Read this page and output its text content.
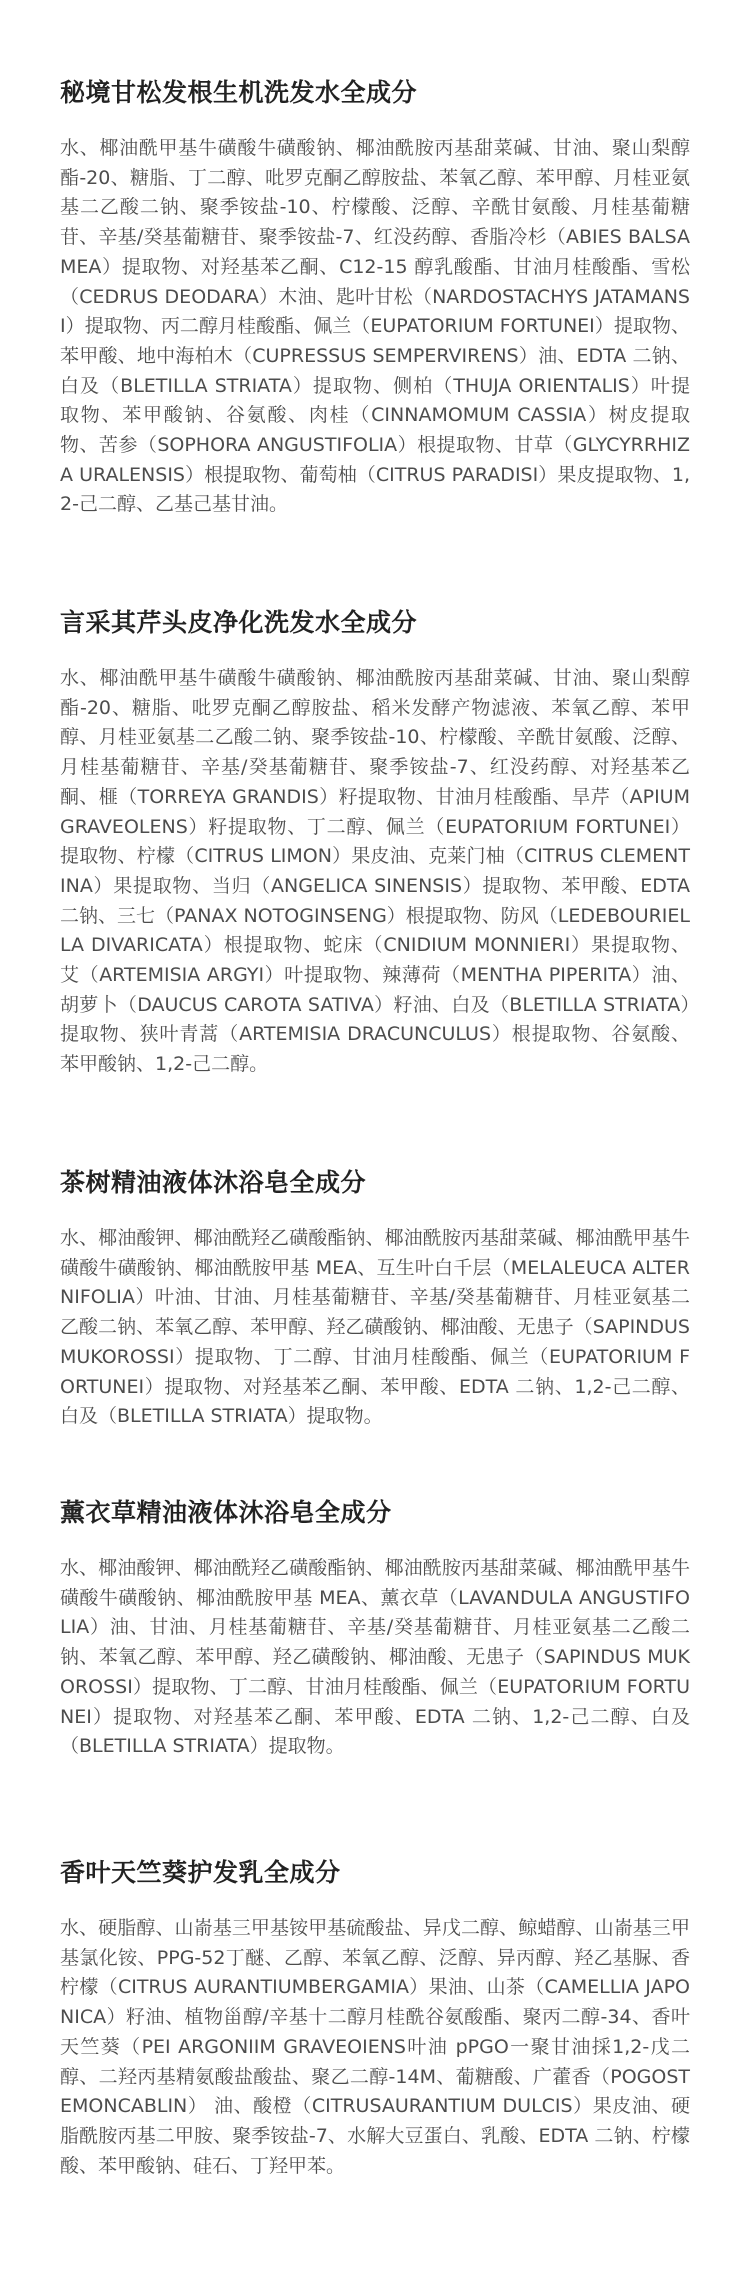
秘境甘松发根生机洗发水全成分

水、椰油酰甲基牛磺酸牛磺酸钠、椰油酰胺丙基甜菜碱、甘油、聚山梨醇酯-20、糖脂、丁二醇、吡罗克酮乙醇胺盐、苯氧乙醇、苯甲醇、月桂亚氨基二乙酸二钠、聚季铵盐-10、柠檬酸、泛醇、辛酰甘氨酸、月桂基葡糖苷、辛基/癸基葡糖苷、聚季铵盐-7、红没药醇、香脂冷杉（ABIES BALSAMEA）提取物、对羟基苯乙酮、C12-15 醇乳酸酯、甘油月桂酸酯、雪松（CEDRUS DEODARA）木油、匙叶甘松（NARDOSTACHYS JATAMANSI）提取物、丙二醇月桂酸酯、佩兰（EUPATORIUM FORTUNEI）提取物、苯甲酸、地中海柏木（CUPRESSUS SEMPERVIRENS）油、EDTA 二钠、白及（BLETILLA STRIATA）提取物、侧柏（THUJA ORIENTALIS）叶提取物、苯甲酸钠、谷氨酸、肉桂（CINNAMOMUM CASSIA）树皮提取物、苦参（SOPHORA ANGUSTIFOLIA）根提取物、甘草（GLYCYRRHIZA URALENSIS）根提取物、葡萄柚（CITRUS PARADISI）果皮提取物、1,2-己二醇、乙基己基甘油。

言采其芹头皮净化洗发水全成分

水、椰油酰甲基牛磺酸牛磺酸钠、椰油酰胺丙基甜菜碱、甘油、聚山梨醇酯-20、糖脂、吡罗克酮乙醇胺盐、稻米发酵产物滤液、苯氧乙醇、苯甲醇、月桂亚氨基二乙酸二钠、聚季铵盐-10、柠檬酸、辛酰甘氨酸、泛醇、月桂基葡糖苷、辛基/癸基葡糖苷、聚季铵盐-7、红没药醇、对羟基苯乙酮、榧（TORREYA GRANDIS）籽提取物、甘油月桂酸酯、旱芹（APIUM GRAVEOLENS）籽提取物、丁二醇、佩兰（EUPATORIUM FORTUNEI）提取物、柠檬（CITRUS LIMON）果皮油、克莱门柚（CITRUS CLEMENTINA）果提取物、当归（ANGELICA SINENSIS）提取物、苯甲酸、EDTA 二钠、三七（PANAX NOTOGINSENG）根提取物、防风（LEDEBOURIELLA DIVARICATA）根提取物、蛇床（CNIDIUM MONNIERI）果提取物、艾（ARTEMISIA ARGYI）叶提取物、辣薄荷（MENTHA PIPERITA）油、胡萝卜（DAUCUS CAROTA SATIVA）籽油、白及（BLETILLA STRIATA）提取物、狭叶青蒿（ARTEMISIA DRACUNCULUS）根提取物、谷氨酸、苯甲酸钠、1,2-己二醇。

茶树精油液体沐浴皂全成分

水、椰油酸钾、椰油酰羟乙磺酸酯钠、椰油酰胺丙基甜菜碱、椰油酰甲基牛磺酸牛磺酸钠、椰油酰胺甲基 MEA、互生叶白千层（MELALEUCA ALTERNIFOLIA）叶油、甘油、月桂基葡糖苷、辛基/癸基葡糖苷、月桂亚氨基二乙酸二钠、苯氧乙醇、苯甲醇、羟乙磺酸钠、椰油酸、无患子（SAPINDUS MUKOROSSI）提取物、丁二醇、甘油月桂酸酯、佩兰（EUPATORIUM FORTUNEI）提取物、对羟基苯乙酮、苯甲酸、EDTA 二钠、1,2-己二醇、白及（BLETILLA STRIATA）提取物。

薰衣草精油液体沐浴皂全成分

水、椰油酸钾、椰油酰羟乙磺酸酯钠、椰油酰胺丙基甜菜碱、椰油酰甲基牛磺酸牛磺酸钠、椰油酰胺甲基 MEA、薰衣草（LAVANDULA ANGUSTIFOLIA）油、甘油、月桂基葡糖苷、辛基/癸基葡糖苷、月桂亚氨基二乙酸二钠、苯氧乙醇、苯甲醇、羟乙磺酸钠、椰油酸、无患子（SAPINDUS MUKOROSSI）提取物、丁二醇、甘油月桂酸酯、佩兰（EUPATORIUM FORTUNEI）提取物、对羟基苯乙酮、苯甲酸、EDTA 二钠、1,2-己二醇、白及（BLETILLA STRIATA）提取物。

香叶天竺葵护发乳全成分

水、硬脂醇、山嵛基三甲基铵甲基硫酸盐、异戊二醇、鲸蜡醇、山嵛基三甲基氯化铵、PPG-52丁醚、乙醇、苯氧乙醇、泛醇、异丙醇、羟乙基脲、香柠檬（CITRUS AURANTIUMBERGAMIA）果油、山茶（CAMELLIA JAPONICA）籽油、植物甾醇/辛基十二醇月桂酰谷氨酸酯、聚丙二醇-34、香叶天竺葵（PEI ARGONIIM GRAVEOIENS叶油 pPGO一聚甘油採1,2-戊二醇、二羟丙基精氨酸盐酸盐、聚乙二醇-14M、葡糖酸、广藿香（POGOSTEMONCABLIN） 油、酸橙（CITRUSAURANTIUM DULCIS）果皮油、硬脂酰胺丙基二甲胺、聚季铵盐-7、水解大豆蛋白、乳酸、EDTA 二钠、柠檬酸、苯甲酸钠、硅石、丁羟甲苯。
